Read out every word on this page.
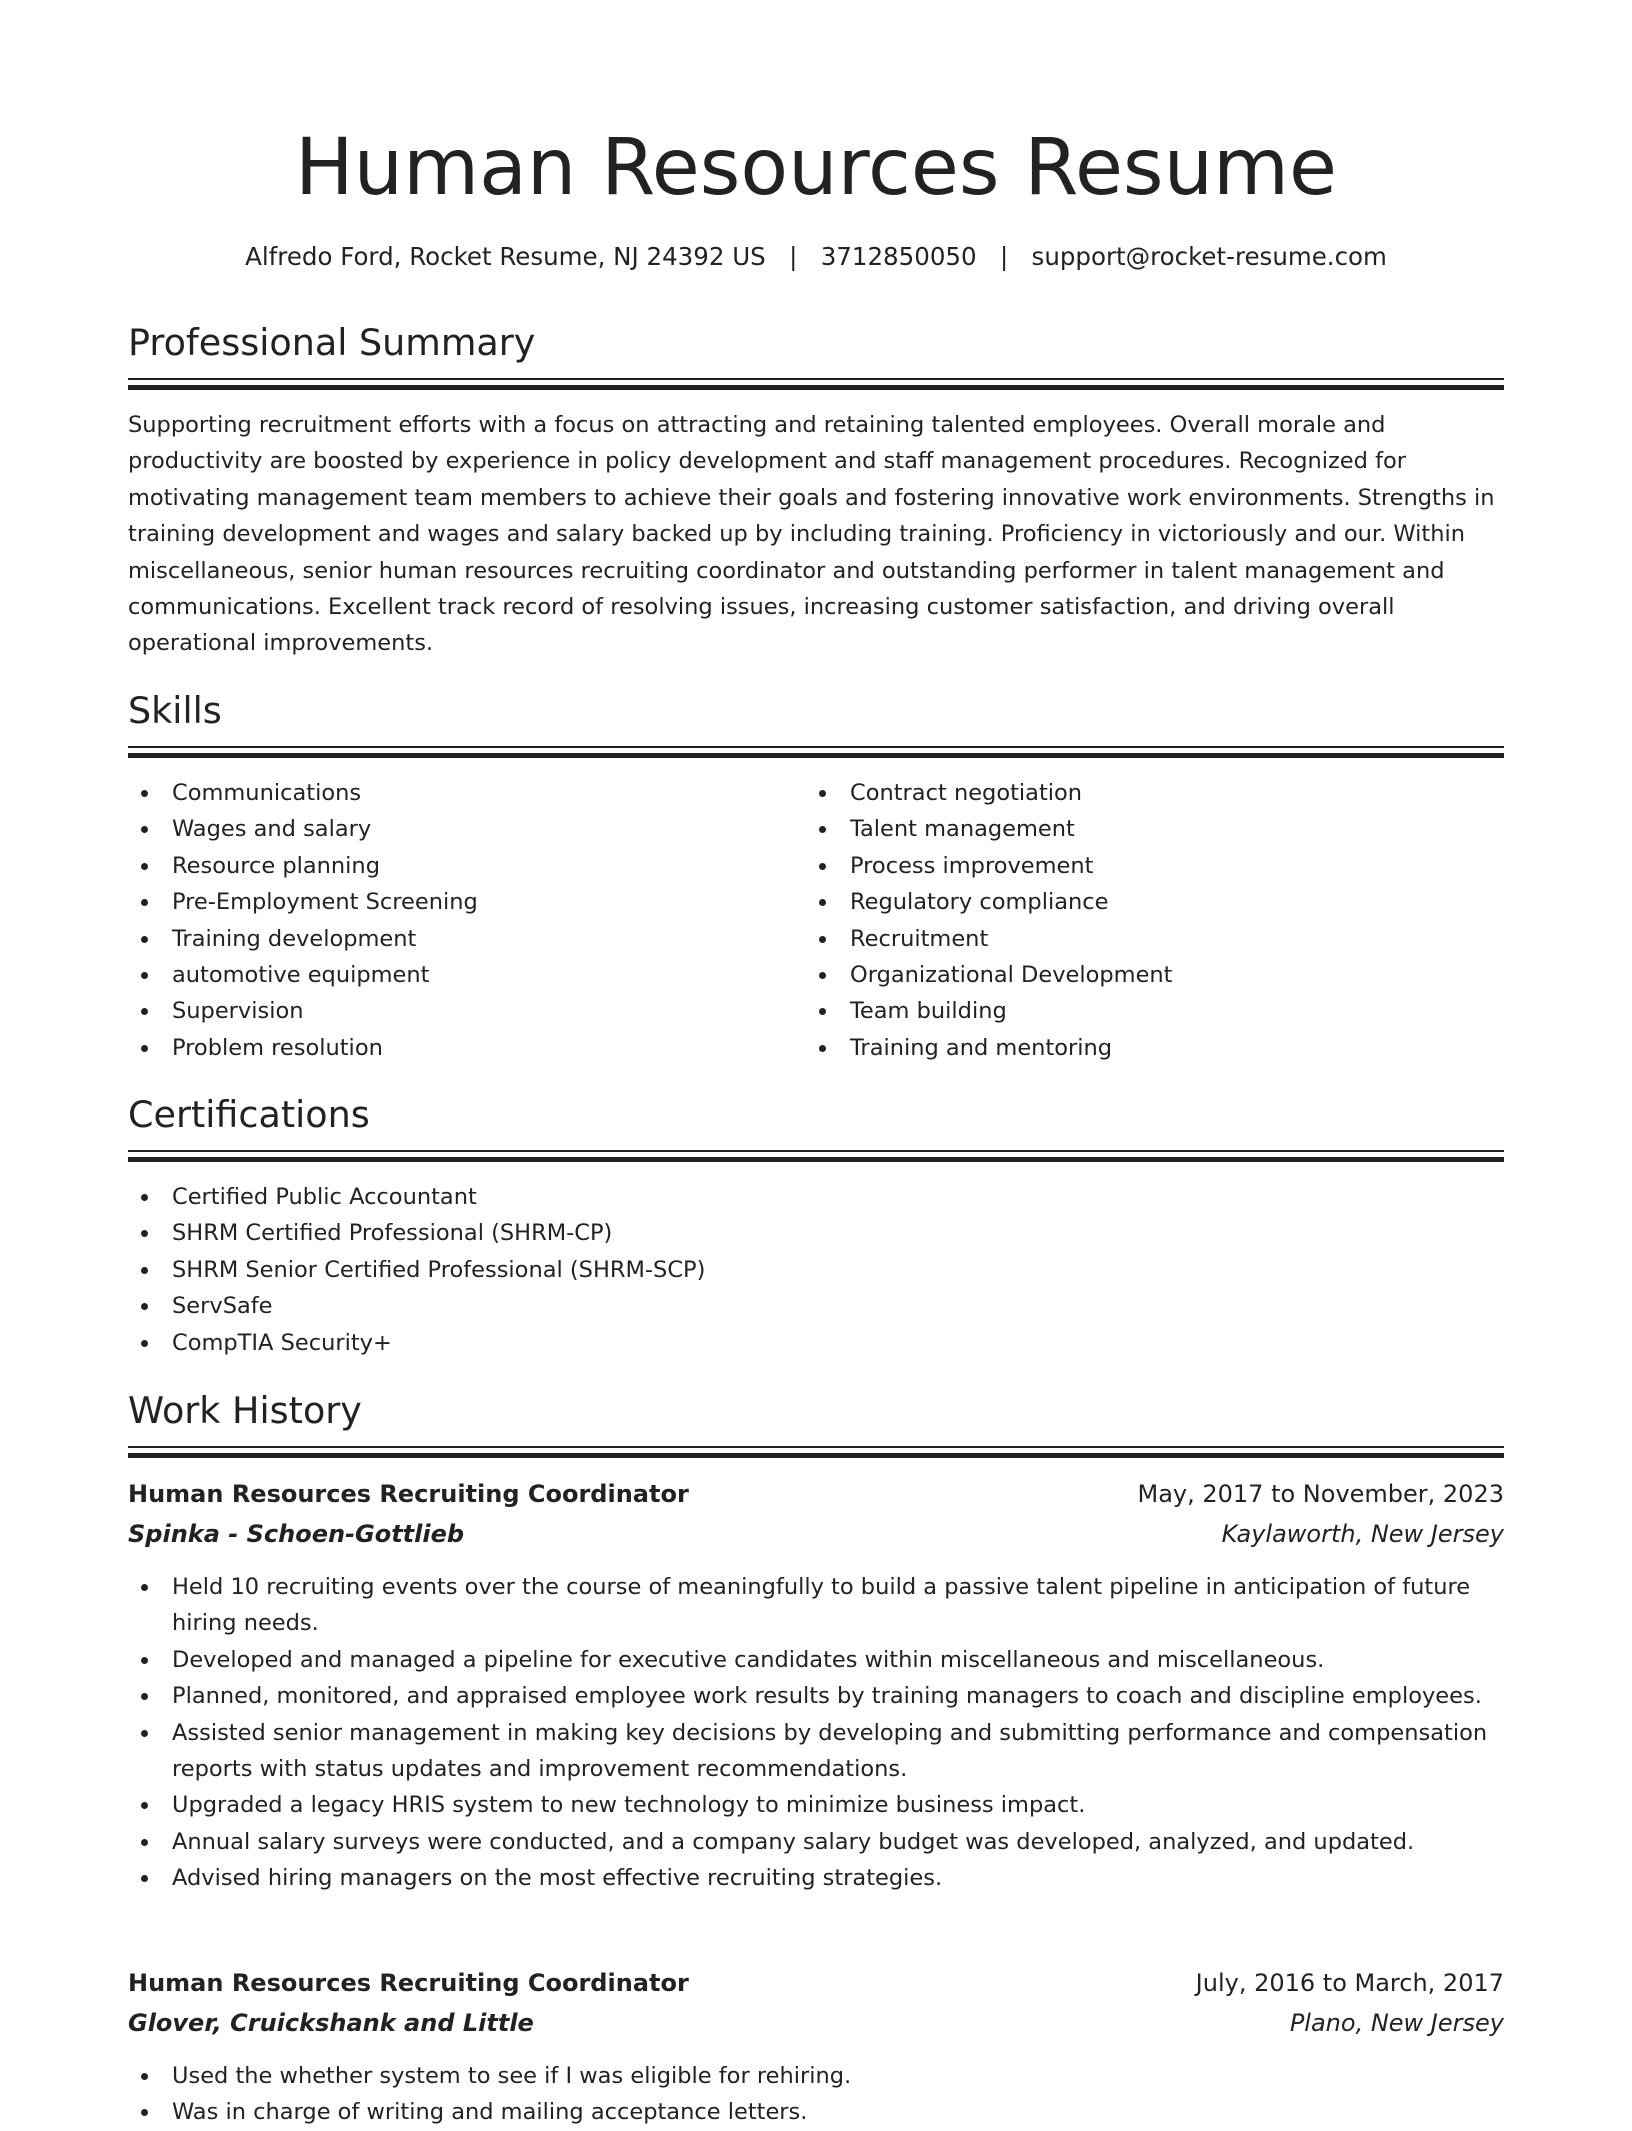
Human Resources Resume
Alfredo Ford, Rocket Resume, NJ 24392 US   |   3712850050   |   support@rocket-resume.com
Professional Summary

Supporting recruitment efforts with a focus on attracting and retaining talented employees. Overall morale and productivity are boosted by experience in policy development and staff management procedures. Recognized for motivating management team members to achieve their goals and fostering innovative work environments. Strengths in training development and wages and salary backed up by including training. Proficiency in victoriously and our. Within miscellaneous, senior human resources recruiting coordinator and outstanding performer in talent management and communications. Excellent track record of resolving issues, increasing customer satisfaction, and driving overall operational improvements.

Skills
Communications
Wages and salary
Resource planning
Pre-Employment Screening
Training development
automotive equipment
Supervision
Problem resolution
Contract negotiation
Talent management
Process improvement
Regulatory compliance
Recruitment
Organizational Development
Team building
Training and mentoring
Certifications
Certified Public Accountant
SHRM Certified Professional (SHRM-CP)
SHRM Senior Certified Professional (SHRM-SCP)
ServSafe
CompTIA Security+
Work History
Human Resources Recruiting Coordinator	May, 2017 to November, 2023
Spinka - Schoen-Gottlieb	Kaylaworth, New Jersey
Held 10 recruiting events over the course of meaningfully to build a passive talent pipeline in anticipation of future hiring needs.
Developed and managed a pipeline for executive candidates within miscellaneous and miscellaneous.
Planned, monitored, and appraised employee work results by training managers to coach and discipline employees.
Assisted senior management in making key decisions by developing and submitting performance and compensation reports with status updates and improvement recommendations.
Upgraded a legacy HRIS system to new technology to minimize business impact.
Annual salary surveys were conducted, and a company salary budget was developed, analyzed, and updated.
Advised hiring managers on the most effective recruiting strategies.
Human Resources Recruiting Coordinator	July, 2016 to March, 2017
Glover, Cruickshank and Little	Plano, New Jersey
Used the whether system to see if I was eligible for rehiring.
Was in charge of writing and mailing acceptance letters.
